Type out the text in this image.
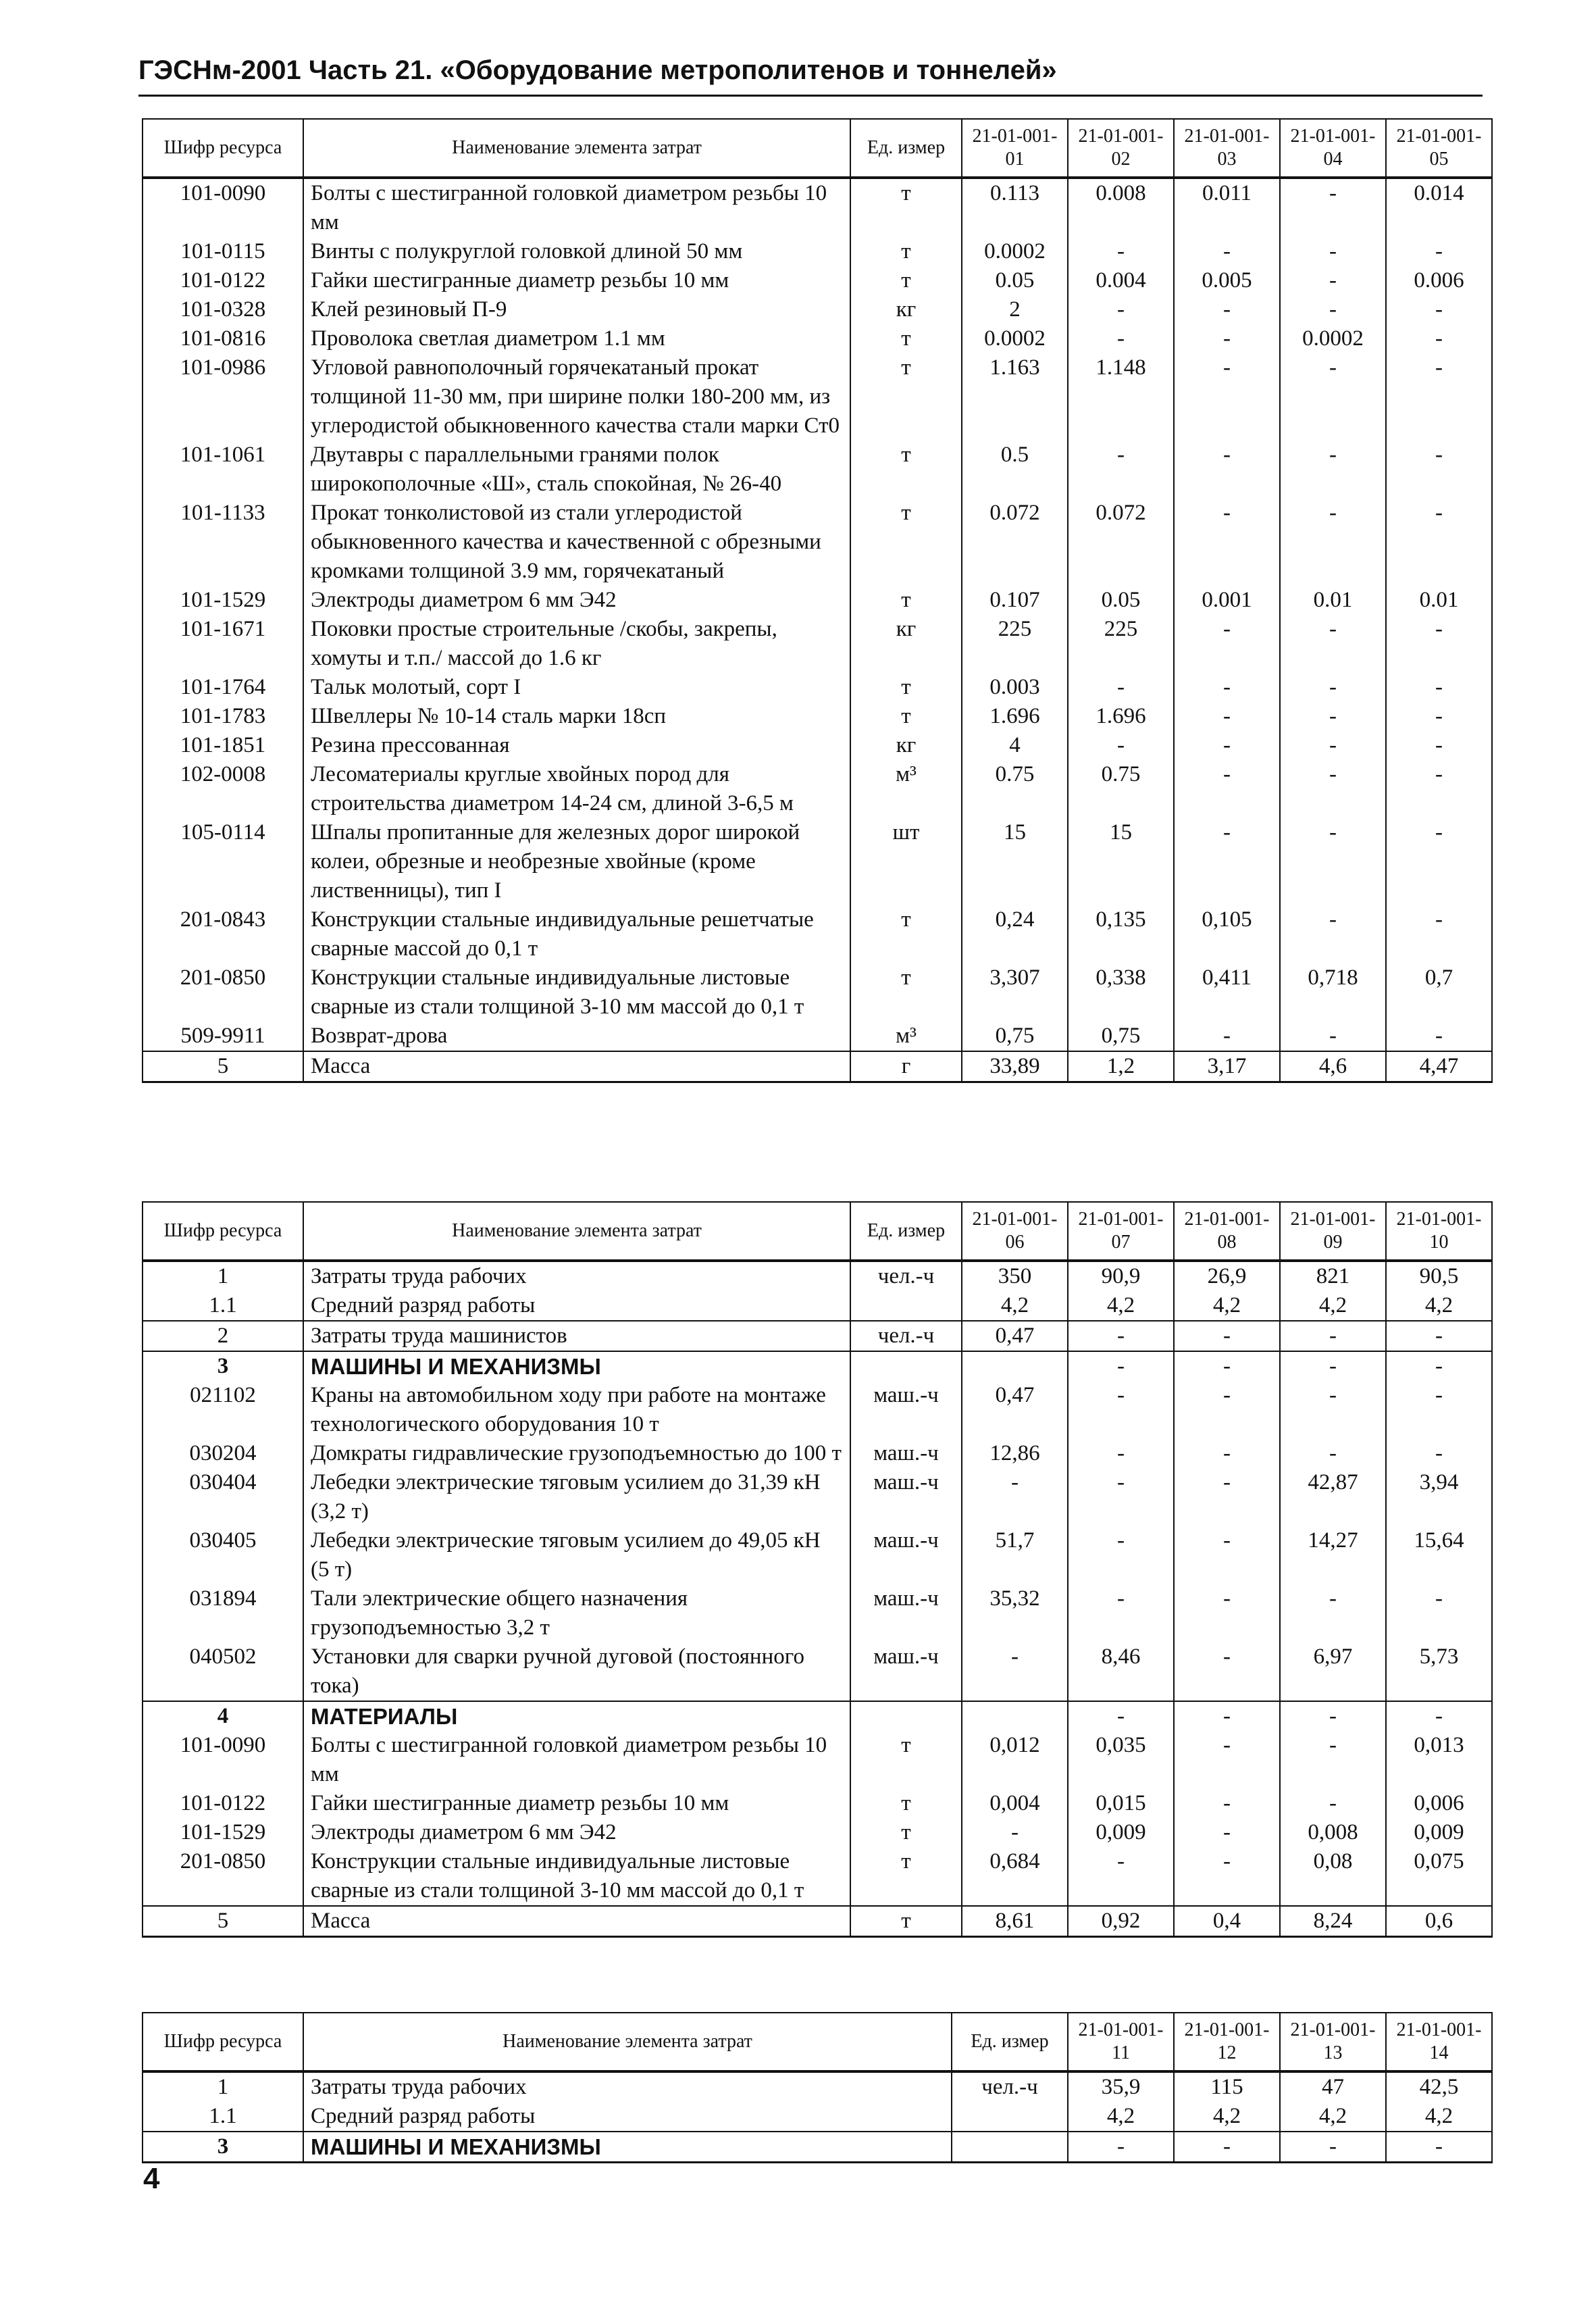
ГЭСНм-2001 Часть 21. «Оборудование метрополитенов и тоннелей»
Шифр ресурса	Наименование элемента затрат	Ед. измер	21-01-001-01	21-01-001-02	21-01-001-03	21-01-001-04	21-01-001-05
101-0090	Болты с шестигранной головкой диаметром резьбы 10 мм	т	0.113	0.008	0.011	-	0.014
101-0115	Винты с полукруглой головкой длиной 50 мм	т	0.0002	-	-	-	-
101-0122	Гайки шестигранные диаметр резьбы 10 мм	т	0.05	0.004	0.005	-	0.006
101-0328	Клей резиновый П-9	кг	2	-	-	-	-
101-0816	Проволока светлая диаметром 1.1 мм	т	0.0002	-	-	0.0002	-
101-0986	Угловой равнополочный горячекатаный прокат толщиной 11-30 мм, при ширине полки 180-200 мм, из углеродистой обыкновенного качества стали марки Ст0	т	1.163	1.148	-	-	-
101-1061	Двутавры с параллельными гранями полок широкополочные «Ш», сталь спокойная, № 26-40	т	0.5	-	-	-	-
101-1133	Прокат тонколистовой из стали углеродистой обыкновенного качества и качественной с обрезными кромками толщиной 3.9 мм, горячекатаный	т	0.072	0.072	-	-	-
101-1529	Электроды диаметром 6 мм Э42	т	0.107	0.05	0.001	0.01	0.01
101-1671	Поковки простые строительные /скобы, закрепы, хомуты и т.п./ массой до 1.6 кг	кг	225	225	-	-	-
101-1764	Тальк молотый, сорт I	т	0.003	-	-	-	-
101-1783	Швеллеры № 10-14 сталь марки 18сп	т	1.696	1.696	-	-	-
101-1851	Резина прессованная	кг	4	-	-	-	-
102-0008	Лесоматериалы круглые хвойных пород для строительства диаметром 14-24 см, длиной 3-6,5 м	м³	0.75	0.75	-	-	-
105-0114	Шпалы пропитанные для железных дорог широкой колеи, обрезные и необрезные хвойные (кроме лиственницы), тип I	шт	15	15	-	-	-
201-0843	Конструкции стальные индивидуальные решетчатые сварные массой до 0,1 т	т	0,24	0,135	0,105	-	-
201-0850	Конструкции стальные индивидуальные листовые сварные из стали толщиной 3-10 мм массой до 0,1 т	т	3,307	0,338	0,411	0,718	0,7
509-9911	Возврат-дрова	м³	0,75	0,75	-	-	-
5	Масса	г	33,89	1,2	3,17	4,6	4,47
Шифр ресурса	Наименование элемента затрат	Ед. измер	21-01-001-06	21-01-001-07	21-01-001-08	21-01-001-09	21-01-001-10
1	Затраты труда рабочих	чел.-ч	350	90,9	26,9	821	90,5
1.1	Средний разряд работы		4,2	4,2	4,2	4,2	4,2
2	Затраты труда машинистов	чел.-ч	0,47	-	-	-	-
3	МАШИНЫ И МЕХАНИЗМЫ			-	-	-	-
021102	Краны на автомобильном ходу при работе на монтаже технологического оборудования 10 т	маш.-ч	0,47	-	-	-	-
030204	Домкраты гидравлические грузоподъемностью до 100 т	маш.-ч	12,86	-	-	-	-
030404	Лебедки электрические тяговым усилием до 31,39 кН (3,2 т)	маш.-ч	-	-	-	42,87	3,94
030405	Лебедки электрические тяговым усилием до 49,05 кН (5 т)	маш.-ч	51,7	-	-	14,27	15,64
031894	Тали электрические общего назначения грузоподъемностью 3,2 т	маш.-ч	35,32	-	-	-	-
040502	Установки для сварки ручной дуговой (постоянного тока)	маш.-ч	-	8,46	-	6,97	5,73
4	МАТЕРИАЛЫ			-	-	-	-
101-0090	Болты с шестигранной головкой диаметром резьбы 10 мм	т	0,012	0,035	-	-	0,013
101-0122	Гайки шестигранные диаметр резьбы 10 мм	т	0,004	0,015	-	-	0,006
101-1529	Электроды диаметром 6 мм Э42	т	-	0,009	-	0,008	0,009
201-0850	Конструкции стальные индивидуальные листовые сварные из стали толщиной 3-10 мм массой до 0,1 т	т	0,684	-	-	0,08	0,075
5	Масса	т	8,61	0,92	0,4	8,24	0,6
Шифр ресурса	Наименование элемента затрат	Ед. измер	21-01-001-11	21-01-001-12	21-01-001-13	21-01-001-14
1	Затраты труда рабочих	чел.-ч	35,9	115	47	42,5
1.1	Средний разряд работы		4,2	4,2	4,2	4,2
3	МАШИНЫ И МЕХАНИЗМЫ		-	-	-	-
4
